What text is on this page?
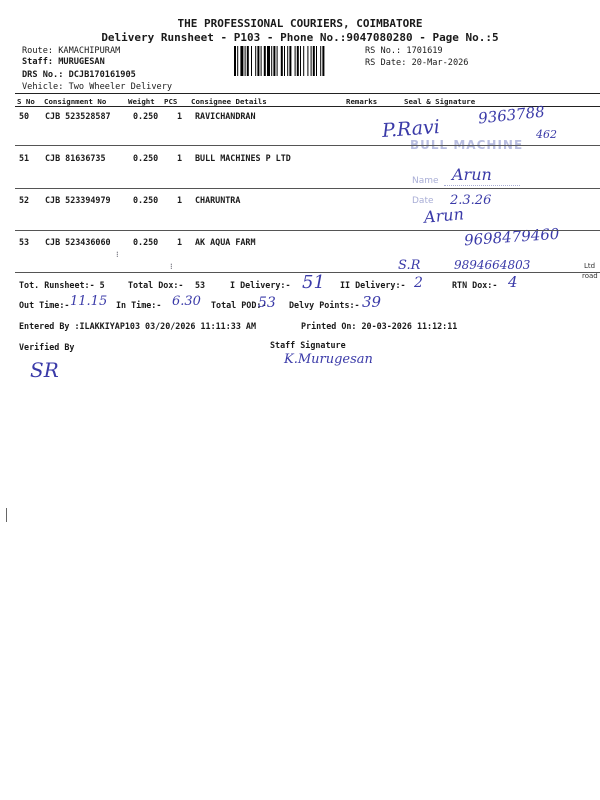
THE PROFESSIONAL COURIERS, COIMBATORE
Delivery Runsheet - P103 - Phone No.:9047080280 - Page No.:5
Route: KAMACHIPURAM
Staff: MURUGESAN
DRS No.: DCJB170161905
Vehicle: Two Wheeler Delivery
RS No.: 1701619
RS Date: 20-Mar-2026
S No Consignment No	Weight PCS Consignee Details	Remarks	Seal & Signature
50 CJB 523528587	0.250 1 RAVICHANDRAN
P.Ravi
9363788
462
BULL MACHINE
51 CJB 81636735	0.250 1 BULL MACHINES P LTD
Name
52 CJB 523394979	0.250 1 CHARUNTRA
Arun
Date 2.3.26
Arun
9698479460
53 CJB 523436060	0.250 1 AK AQUA FARM
S.R	9894664803	Ltd
road
⁝
⁝
Tot. Runsheet:- 5	Total Dox:- 53	I Delivery:- 51 II Delivery:- 2	RTN Dox:- 4
Out Time:- 11.15 In Time:- 6.30 Total POD:-
53 Delvy Points:- 39
Entered By :ILAKKIYAP103 03/20/2026 11:11:33 AM	Printed On: 20-03-2026 11:12:11
Verified By	Staff Signature
SR	K.Murugesan
